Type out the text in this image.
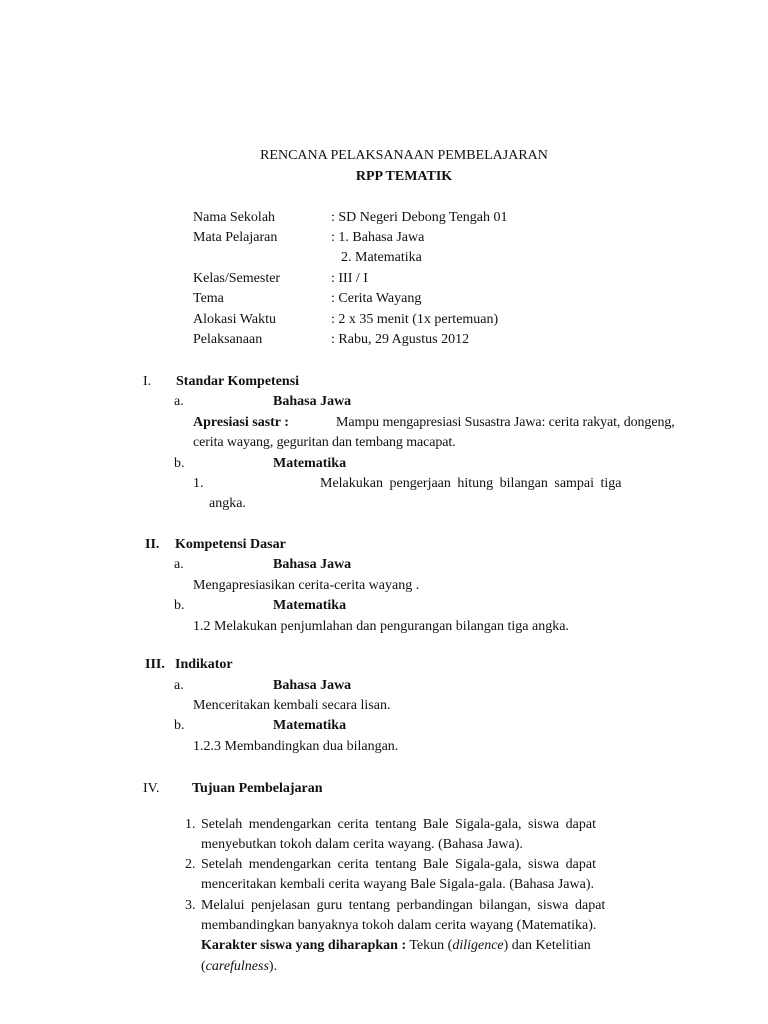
RENCANA PELAKSANAAN PEMBELAJARAN
RPP TEMATIK
Nama Sekolah	: SD Negeri Debong Tengah 01
Mata Pelajaran	: 1. Bahasa Jawa
2. Matematika
Kelas/Semester	: III / I
Tema	: Cerita Wayang
Alokasi Waktu	: 2 x 35 menit (1x pertemuan)
Pelaksanaan	: Rabu, 29 Agustus 2012
I. Standar Kompetensi
a.	Bahasa Jawa
Apresiasi sastr :	Mampu mengapresiasi Susastra Jawa: cerita rakyat, dongeng,
cerita wayang, geguritan dan tembang macapat.
b.	Matematika
1.	Melakukan pengerjaan hitung bilangan sampai tiga
angka.
II. Kompetensi Dasar
a.	Bahasa Jawa
Mengapresiasikan cerita-cerita wayang .
b.	Matematika
1.2 Melakukan penjumlahan dan pengurangan bilangan tiga angka.
III. Indikator
a.	Bahasa Jawa
Menceritakan kembali secara lisan.
b.	Matematika
1.2.3 Membandingkan dua bilangan.
IV. Tujuan Pembelajaran
1. Setelah mendengarkan cerita tentang Bale Sigala-gala, siswa dapat
menyebutkan tokoh dalam cerita wayang. (Bahasa Jawa).
2. Setelah mendengarkan cerita tentang Bale Sigala-gala, siswa dapat
menceritakan kembali cerita wayang Bale Sigala-gala. (Bahasa Jawa).
3. Melalui penjelasan guru tentang perbandingan bilangan, siswa dapat
membandingkan banyaknya tokoh dalam cerita wayang (Matematika).
Karakter siswa yang diharapkan : Tekun (diligence) dan Ketelitian
(carefulness).
